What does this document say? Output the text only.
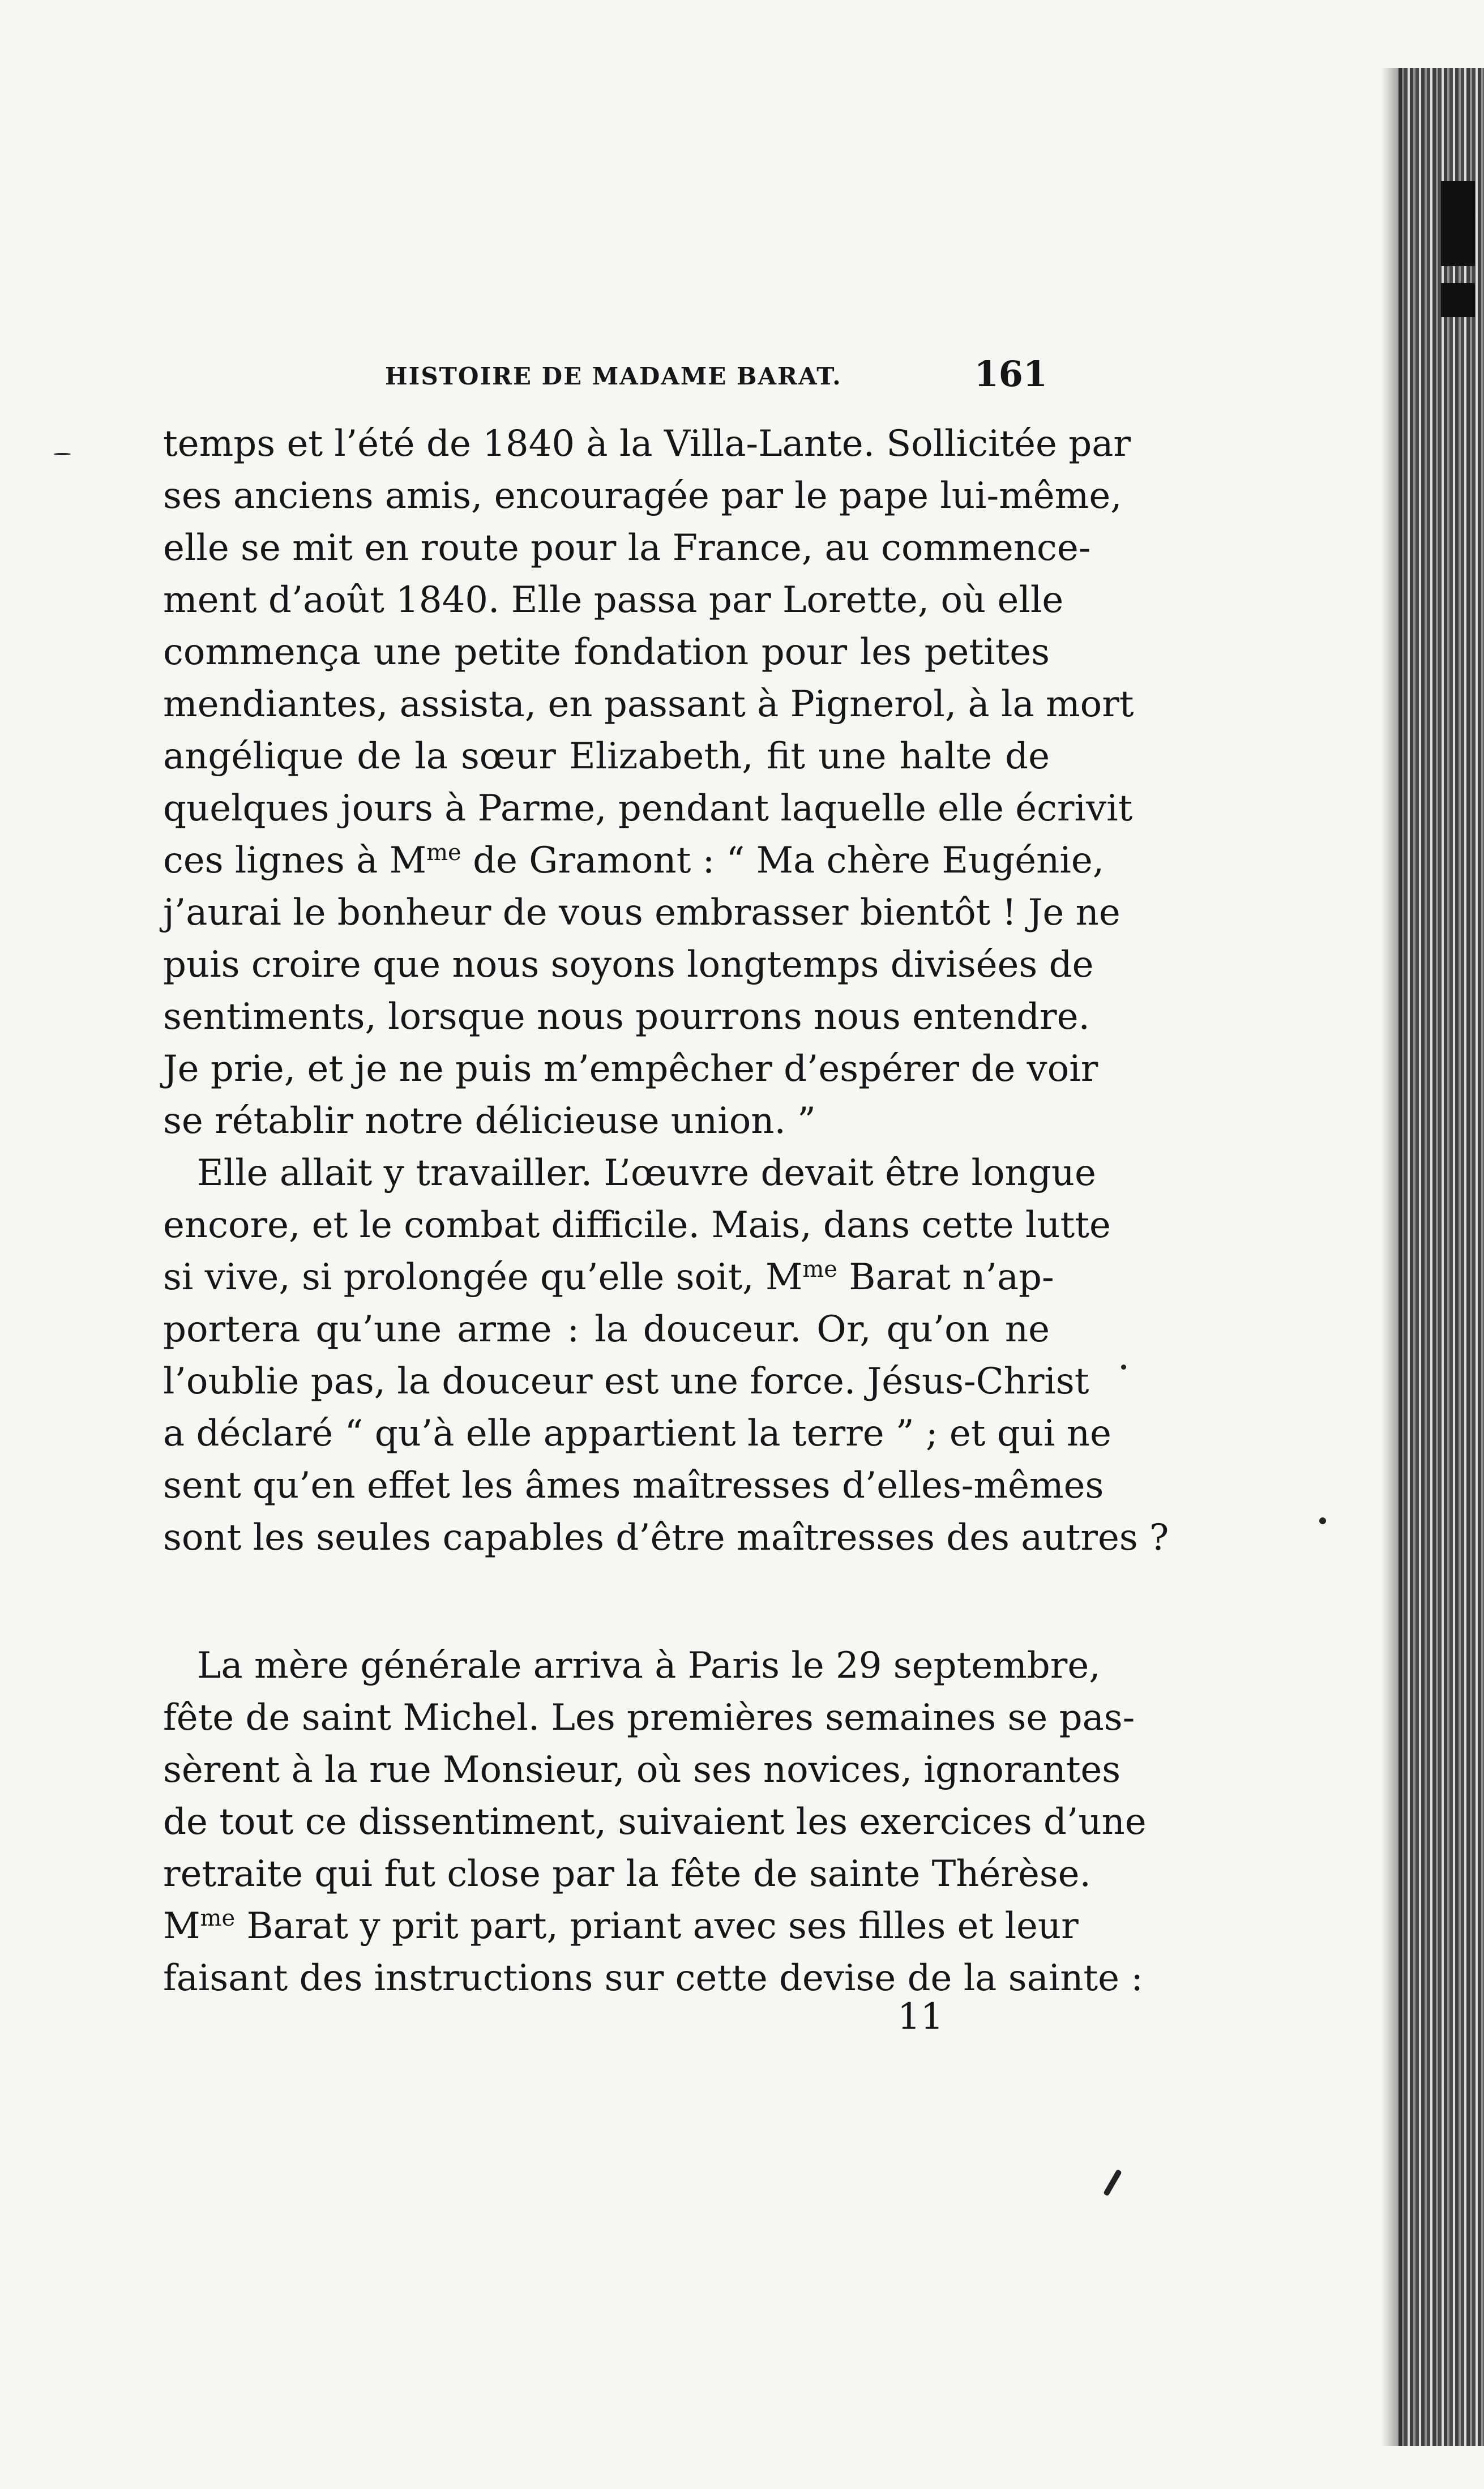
HISTOIRE DE MADAME BARAT.	161
temps et l’été de 1840 à la Villa-Lante. Sollicitée par
ses anciens amis, encouragée par le pape lui-même,
elle se mit en route pour la France, au commence-
ment d’août 1840. Elle passa par Lorette, où elle
commença une petite fondation pour les petites
mendiantes, assista, en passant à Pignerol, à la mort
angélique de la sœur Elizabeth, fit une halte de
quelques jours à Parme, pendant laquelle elle écrivit
ces lignes à $M^{me}$ de Gramont : “ Ma chère Eugénie,
j’aurai le bonheur de vous embrasser bientôt ! Je ne
puis croire que nous soyons longtemps divisées de
sentiments, lorsque nous pourrons nous entendre.
Je prie, et je ne puis m’empêcher d’espérer de voir
se rétablir notre délicieuse union. ”
Elle allait y travailler. L’œuvre devait être longue
encore, et le combat difficile. Mais, dans cette lutte
si vive, si prolongée qu’elle soit, $M^{me}$ Barat n’ap-
portera qu’une arme : la douceur. Or, qu’on ne
l’oublie pas, la douceur est une force. Jésus-Christ
a déclaré “ qu’à elle appartient la terre ” ; et qui ne
sent qu’en effet les âmes maîtresses d’elles-mêmes
sont les seules capables d’être maîtresses des autres ?
La mère générale arriva à Paris le 29 septembre,
fête de saint Michel. Les premières semaines se pas-
sèrent à la rue Monsieur, où ses novices, ignorantes
de tout ce dissentiment, suivaient les exercices d’une
retraite qui fut close par la fête de sainte Thérèse.
$M^{me}$ Barat y prit part, priant avec ses filles et leur
faisant des instructions sur cette devise de la sainte :
11
